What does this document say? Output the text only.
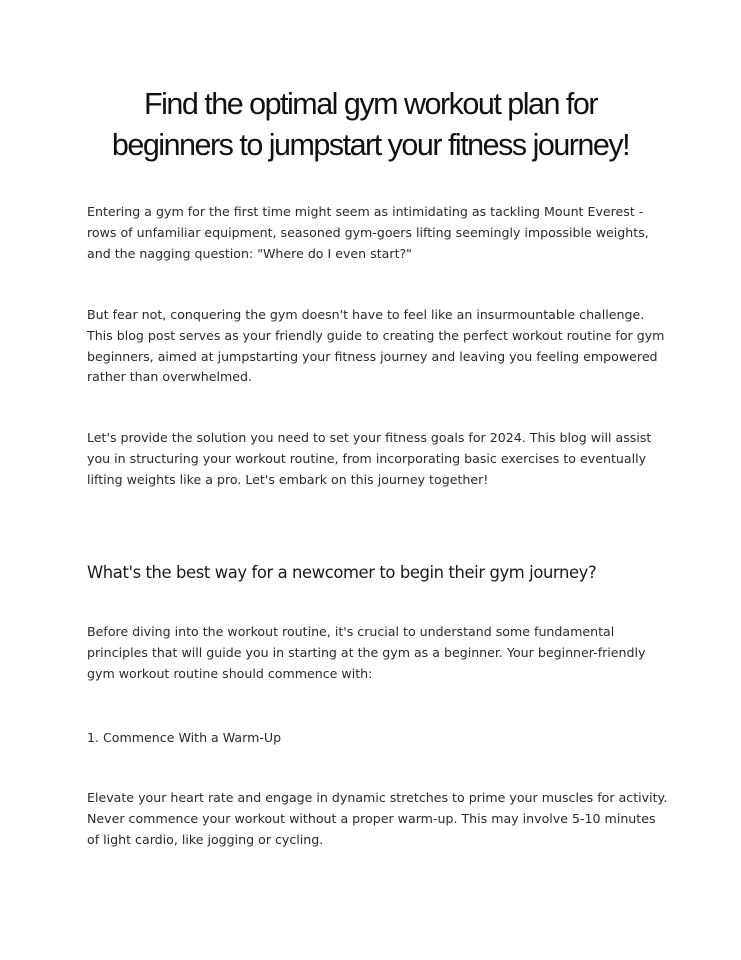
Find the optimal gym workout plan for
beginners to jumpstart your fitness journey!

Entering a gym for the first time might seem as intimidating as tackling Mount Everest -
rows of unfamiliar equipment, seasoned gym-goers lifting seemingly impossible weights,
and the nagging question: "Where do I even start?"

But fear not, conquering the gym doesn't have to feel like an insurmountable challenge.
This blog post serves as your friendly guide to creating the perfect workout routine for gym
beginners, aimed at jumpstarting your fitness journey and leaving you feeling empowered
rather than overwhelmed.

Let's provide the solution you need to set your fitness goals for 2024. This blog will assist
you in structuring your workout routine, from incorporating basic exercises to eventually
lifting weights like a pro. Let's embark on this journey together!

What's the best way for a newcomer to begin their gym journey?

Before diving into the workout routine, it's crucial to understand some fundamental
principles that will guide you in starting at the gym as a beginner. Your beginner-friendly
gym workout routine should commence with:

1. Commence With a Warm-Up

Elevate your heart rate and engage in dynamic stretches to prime your muscles for activity.
Never commence your workout without a proper warm-up. This may involve 5-10 minutes
of light cardio, like jogging or cycling.
